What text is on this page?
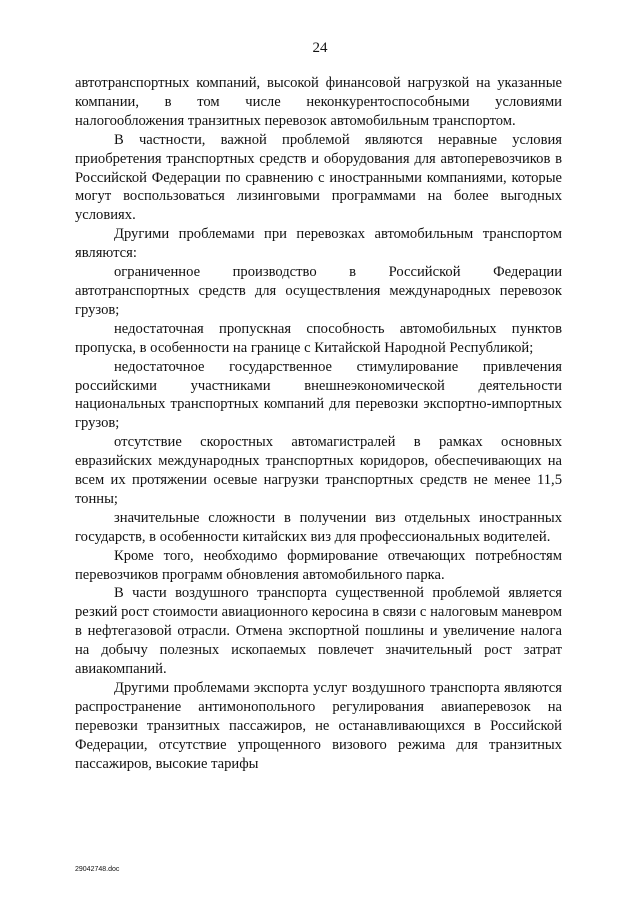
24

автотранспортных компаний, высокой финансовой нагрузкой на указанные компании, в том числе неконкурентоспособными условиями налогообложения транзитных перевозок автомобильным транспортом.

В частности, важной проблемой являются неравные условия приобретения транспортных средств и оборудования для автоперевозчиков в Российской Федерации по сравнению с иностранными компаниями, которые могут воспользоваться лизинговыми программами на более выгодных условиях.

Другими проблемами при перевозках автомобильным транспортом являются:

ограниченное производство в Российской Федерации автотранспортных средств для осуществления международных перевозок грузов;

недостаточная пропускная способность автомобильных пунктов пропуска, в особенности на границе с Китайской Народной Республикой;

недостаточное государственное стимулирование привлечения российскими участниками внешнеэкономической деятельности национальных транспортных компаний для перевозки экспортно-импортных грузов;

отсутствие скоростных автомагистралей в рамках основных евразийских международных транспортных коридоров, обеспечивающих на всем их протяжении осевые нагрузки транспортных средств не менее 11,5 тонны;

значительные сложности в получении виз отдельных иностранных государств, в особенности китайских виз для профессиональных водителей.

Кроме того, необходимо формирование отвечающих потребностям перевозчиков программ обновления автомобильного парка.

В части воздушного транспорта существенной проблемой является резкий рост стоимости авиационного керосина в связи с налоговым маневром в нефтегазовой отрасли. Отмена экспортной пошлины и увеличение налога на добычу полезных ископаемых повлечет значительный рост затрат авиакомпаний.

Другими проблемами экспорта услуг воздушного транспорта являются распространение антимонопольного регулирования авиаперевозок на перевозки транзитных пассажиров, не останавливающихся в Российской Федерации, отсутствие упрощенного визового режима для транзитных пассажиров, высокие тарифы

29042748.doc
